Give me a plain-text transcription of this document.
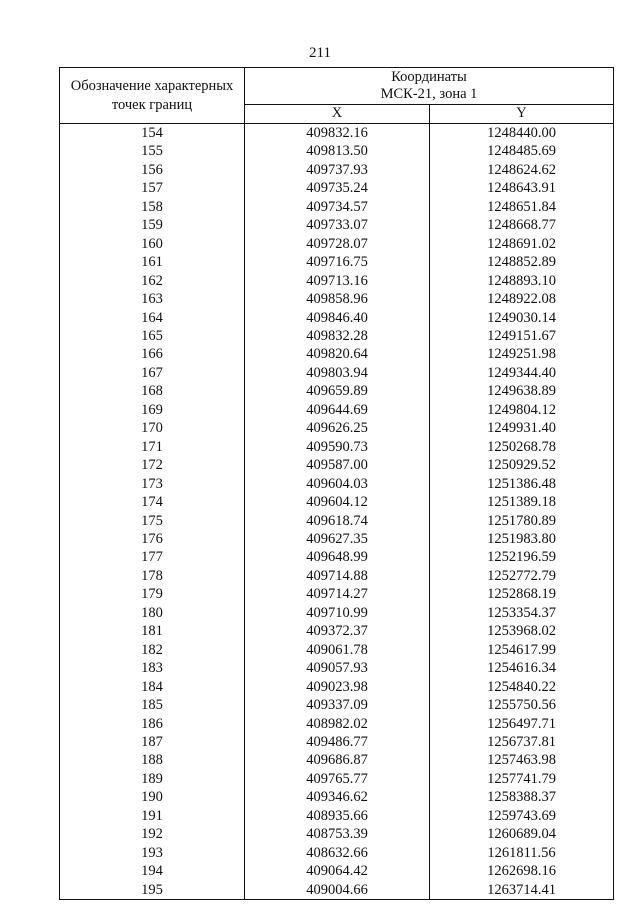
211
Обозначение характерных точек границ	Координаты
МСК-21, зона 1	
	X	Y
154	409832.16	1248440.00
155	409813.50	1248485.69
156	409737.93	1248624.62
157	409735.24	1248643.91
158	409734.57	1248651.84
159	409733.07	1248668.77
160	409728.07	1248691.02
161	409716.75	1248852.89
162	409713.16	1248893.10
163	409858.96	1248922.08
164	409846.40	1249030.14
165	409832.28	1249151.67
166	409820.64	1249251.98
167	409803.94	1249344.40
168	409659.89	1249638.89
169	409644.69	1249804.12
170	409626.25	1249931.40
171	409590.73	1250268.78
172	409587.00	1250929.52
173	409604.03	1251386.48
174	409604.12	1251389.18
175	409618.74	1251780.89
176	409627.35	1251983.80
177	409648.99	1252196.59
178	409714.88	1252772.79
179	409714.27	1252868.19
180	409710.99	1253354.37
181	409372.37	1253968.02
182	409061.78	1254617.99
183	409057.93	1254616.34
184	409023.98	1254840.22
185	409337.09	1255750.56
186	408982.02	1256497.71
187	409486.77	1256737.81
188	409686.87	1257463.98
189	409765.77	1257741.79
190	409346.62	1258388.37
191	408935.66	1259743.69
192	408753.39	1260689.04
193	408632.66	1261811.56
194	409064.42	1262698.16
195	409004.66	1263714.41
